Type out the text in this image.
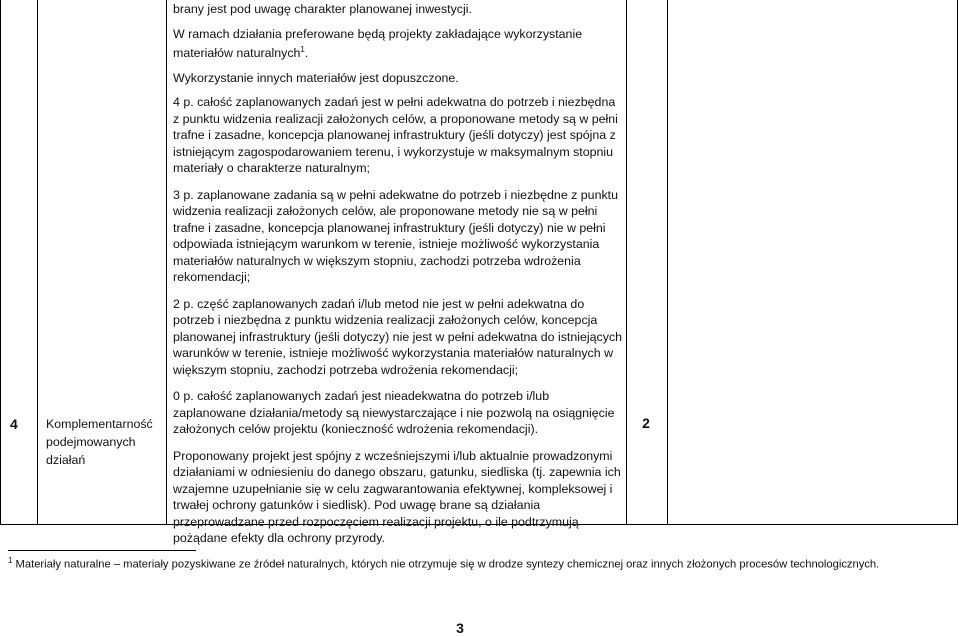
4 Komplementarność podejmowanych działań

brany jest pod uwagę charakter planowanej inwestycji.

W ramach działania preferowane będą projekty zakładające wykorzystanie materiałów naturalnych$^1$.

Wykorzystanie innych materiałów jest dopuszczone.

4 p. całość zaplanowanych zadań jest w pełni adekwatna do potrzeb i niezbędna z punktu widzenia realizacji założonych celów, a proponowane metody są w pełni trafne i zasadne, koncepcja planowanej infrastruktury (jeśli dotyczy) jest spójna z istniejącym zagospodarowaniem terenu, i wykorzystuje w maksymalnym stopniu materiały o charakterze naturalnym;

3 p. zaplanowane zadania są w pełni adekwatne do potrzeb i niezbędne z punktu widzenia realizacji założonych celów, ale proponowane metody nie są w pełni trafne i zasadne, koncepcja planowanej infrastruktury (jeśli dotyczy) nie w pełni odpowiada istniejącym warunkom w terenie, istnieje możliwość wykorzystania materiałów naturalnych w większym stopniu, zachodzi potrzeba wdrożenia rekomendacji;

2 p. część zaplanowanych zadań i/lub metod nie jest w pełni adekwatna do potrzeb i niezbędna z punktu widzenia realizacji założonych celów, koncepcja planowanej infrastruktury (jeśli dotyczy) nie jest w pełni adekwatna do istniejących warunków w terenie, istnieje możliwość wykorzystania materiałów naturalnych w większym stopniu, zachodzi potrzeba wdrożenia rekomendacji;

0 p. całość zaplanowanych zadań jest nieadekwatna do potrzeb i/lub zaplanowane działania/metody są niewystarczające i nie pozwolą na osiągnięcie założonych celów projektu (konieczność wdrożenia rekomendacji).

Proponowany projekt jest spójny z wcześniejszymi i/lub aktualnie prowadzonymi działaniami w odniesieniu do danego obszaru, gatunku, siedliska (tj. zapewnia ich wzajemne uzupełnianie się w celu zagwarantowania efektywnej, kompleksowej i trwałej ochrony gatunków i siedlisk). Pod uwagę brane są działania przeprowadzane przed rozpoczęciem realizacji projektu, o ile podtrzymują pożądane efekty dla ochrony przyrody.

2
$^1$ Materiały naturalne – materiały pozyskiwane ze źródeł naturalnych, których nie otrzymuje się w drodze syntezy chemicznej oraz innych złożonych procesów technologicznych.
3
